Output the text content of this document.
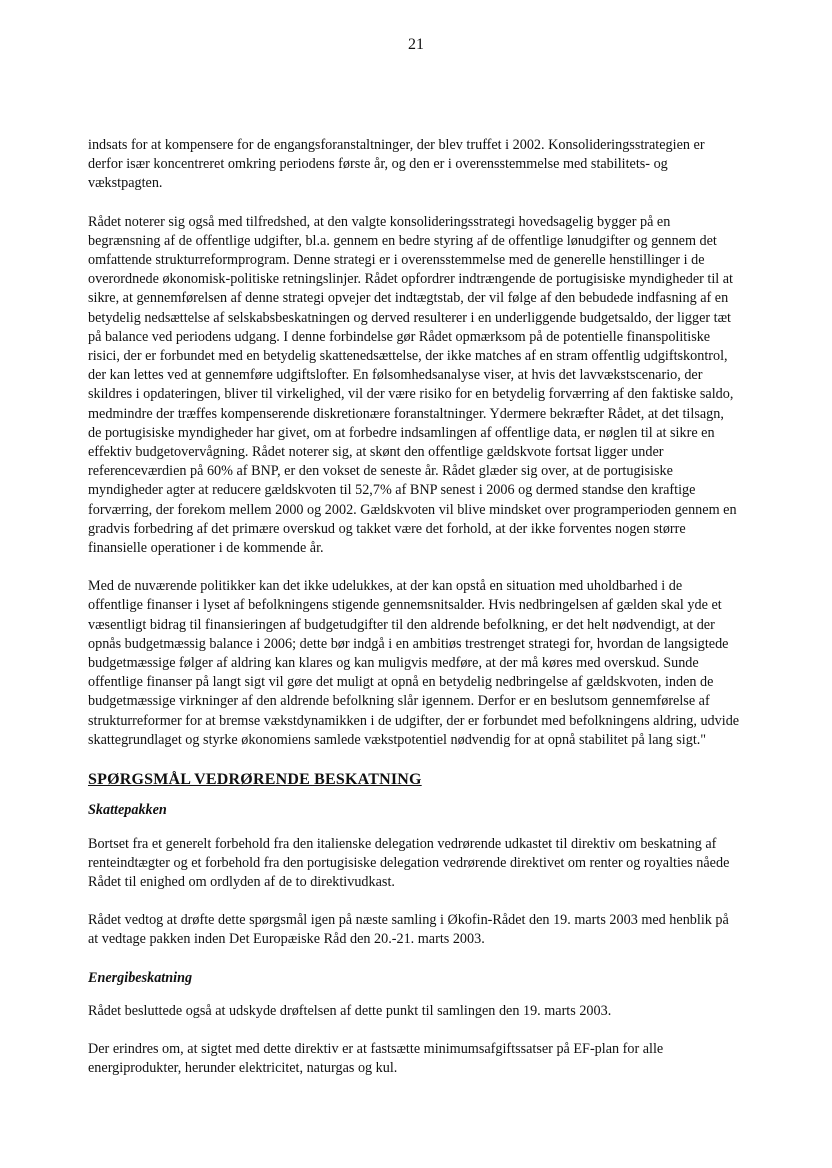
21

indsats for at kompensere for de engangsforanstaltninger, der blev truffet i 2002. Konsolideringsstrategien er derfor især koncentreret omkring periodens første år, og den er i overensstemmelse med stabilitets- og vækstpagten.

Rådet noterer sig også med tilfredshed, at den valgte konsolideringsstrategi hovedsagelig bygger på en begrænsning af de offentlige udgifter, bl.a. gennem en bedre styring af de offentlige lønudgifter og gennem det omfattende strukturreformprogram. Denne strategi er i overensstemmelse med de generelle henstillinger i de overordnede økonomisk-politiske retningslinjer. Rådet opfordrer indtrængende de portugisiske myndigheder til at sikre, at gennemførelsen af denne strategi opvejer det indtægtstab, der vil følge af den bebudede indfasning af en betydelig nedsættelse af selskabsbeskatningen og derved resulterer i en underliggende budgetsaldo, der ligger tæt på balance ved periodens udgang. I denne forbindelse gør Rådet opmærksom på de potentielle finanspolitiske risici, der er forbundet med en betydelig skattenedsættelse, der ikke matches af en stram offentlig udgiftskontrol, der kan lettes ved at gennemføre udgiftslofter. En følsomhedsanalyse viser, at hvis det lavvækstscenario, der skildres i opdateringen, bliver til virkelighed, vil der være risiko for en betydelig forværring af den faktiske saldo, medmindre der træffes kompenserende diskretionære foranstaltninger. Ydermere bekræfter Rådet, at det tilsagn, de portugisiske myndigheder har givet, om at forbedre indsamlingen af offentlige data, er nøglen til at sikre en effektiv budgetovervågning. Rådet noterer sig, at skønt den offentlige gældskvote fortsat ligger under referenceværdien på 60% af BNP, er den vokset de seneste år. Rådet glæder sig over, at de portugisiske myndigheder agter at reducere gældskvoten til 52,7% af BNP senest i 2006 og dermed standse den kraftige forværring, der forekom mellem 2000 og 2002. Gældskvoten vil blive mindsket over programperioden gennem en gradvis forbedring af det primære overskud og takket være det forhold, at der ikke forventes nogen større finansielle operationer i de kommende år.

Med de nuværende politikker kan det ikke udelukkes, at der kan opstå en situation med uholdbarhed i de offentlige finanser i lyset af befolkningens stigende gennemsnitsalder. Hvis nedbringelsen af gælden skal yde et væsentligt bidrag til finansieringen af budgetudgifter til den aldrende befolkning, er det helt nødvendigt, at der opnås budgetmæssig balance i 2006; dette bør indgå i en ambitiøs trestrenget strategi for, hvordan de langsigtede budgetmæssige følger af aldring kan klares og kan muligvis medføre, at der må køres med overskud. Sunde offentlige finanser på langt sigt vil gøre det muligt at opnå en betydelig nedbringelse af gældskvoten, inden de budgetmæssige virkninger af den aldrende befolkning slår igennem. Derfor er en beslutsom gennemførelse af strukturreformer for at bremse vækstdynamikken i de udgifter, der er forbundet med befolkningens aldring, udvide skattegrundlaget og styrke økonomiens samlede vækstpotentiel nødvendig for at opnå stabilitet på lang sigt."

SPØRGSMÅL VEDRØRENDE BESKATNING
Skattepakken

Bortset fra et generelt forbehold fra den italienske delegation vedrørende udkastet til direktiv om beskatning af renteindtægter og et forbehold fra den portugisiske delegation vedrørende direktivet om renter og royalties nåede Rådet til enighed om ordlyden af de to direktivudkast.

Rådet vedtog at drøfte dette spørgsmål igen på næste samling i Økofin-Rådet den 19. marts 2003 med henblik på at vedtage pakken inden Det Europæiske Råd den 20.-21. marts 2003.

Energibeskatning

Rådet besluttede også at udskyde drøftelsen af dette punkt til samlingen den 19. marts 2003.

Der erindres om, at sigtet med dette direktiv er at fastsætte minimumsafgiftssatser på EF-plan for alle energiprodukter, herunder elektricitet, naturgas og kul.
